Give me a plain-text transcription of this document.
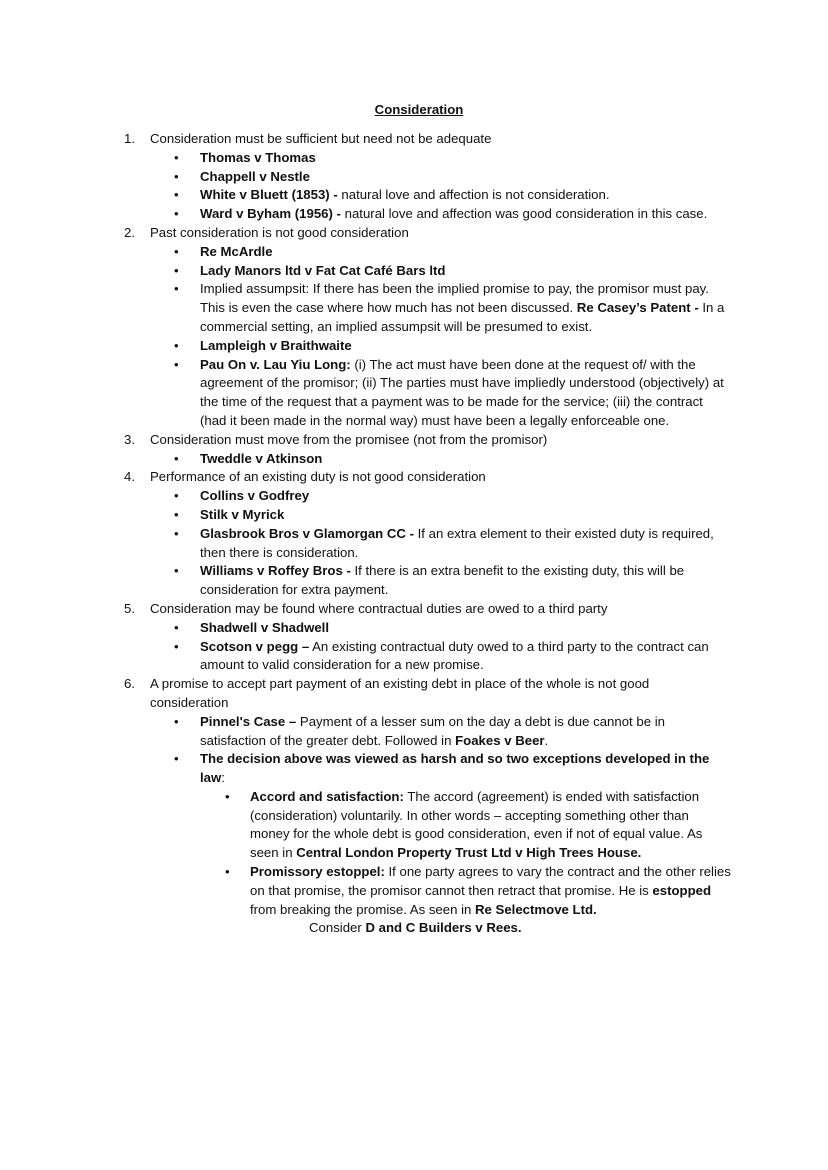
Consideration
1. Consideration must be sufficient but need not be adequate
• Thomas v Thomas
• Chappell v Nestle
• White v Bluett (1853) - natural love and affection is not consideration.
• Ward v Byham (1956) - natural love and affection was good consideration in this case.
2. Past consideration is not good consideration
• Re McArdle
• Lady Manors ltd v Fat Cat Café Bars ltd
• Implied assumpsit: If there has been the implied promise to pay, the promisor must pay. This is even the case where how much has not been discussed. Re Casey’s Patent - In a commercial setting, an implied assumpsit will be presumed to exist.
• Lampleigh v Braithwaite
• Pau On v. Lau Yiu Long: (i) The act must have been done at the request of/ with the agreement of the promisor; (ii) The parties must have impliedly understood (objectively) at the time of the request that a payment was to be made for the service; (iii) the contract (had it been made in the normal way) must have been a legally enforceable one.
3. Consideration must move from the promisee (not from the promisor)
• Tweddle v Atkinson
4. Performance of an existing duty is not good consideration
• Collins v Godfrey
• Stilk v Myrick
• Glasbrook Bros v Glamorgan CC - If an extra element to their existed duty is required, then there is consideration.
• Williams v Roffey Bros - If there is an extra benefit to the existing duty, this will be consideration for extra payment.
5. Consideration may be found where contractual duties are owed to a third party
• Shadwell v Shadwell
• Scotson v pegg – An existing contractual duty owed to a third party to the contract can amount to valid consideration for a new promise.
6. A promise to accept part payment of an existing debt in place of the whole is not good consideration
• Pinnel's Case – Payment of a lesser sum on the day a debt is due cannot be in satisfaction of the greater debt. Followed in Foakes v Beer.
• The decision above was viewed as harsh and so two exceptions developed in the law:
• Accord and satisfaction: The accord (agreement) is ended with satisfaction (consideration) voluntarily. In other words – accepting something other than money for the whole debt is good consideration, even if not of equal value. As seen in Central London Property Trust Ltd v High Trees House.
• Promissory estoppel: If one party agrees to vary the contract and the other relies on that promise, the promisor cannot then retract that promise. He is estopped from breaking the promise. As seen in Re Selectmove Ltd.
Consider D and C Builders v Rees.
